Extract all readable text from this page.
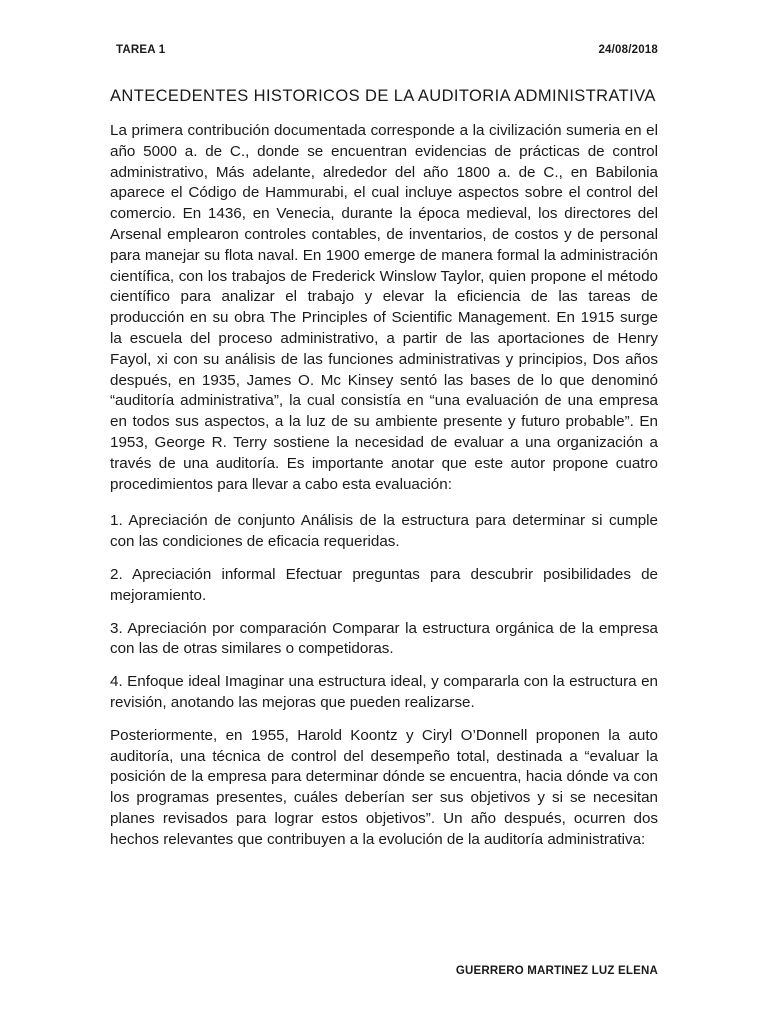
TAREA 1	24/08/2018
ANTECEDENTES HISTORICOS DE LA AUDITORIA ADMINISTRATIVA

La primera contribución documentada corresponde a la civilización sumeria en el año 5000 a. de C., donde se encuentran evidencias de prácticas de control administrativo, Más adelante, alrededor del año 1800 a. de C., en Babilonia aparece el Código de Hammurabi, el cual incluye aspectos sobre el control del comercio. En 1436, en Venecia, durante la época medieval, los directores del Arsenal emplearon controles contables, de inventarios, de costos y de personal para manejar su flota naval. En 1900 emerge de manera formal la administración científica, con los trabajos de Frederick Winslow Taylor, quien propone el método científico para analizar el trabajo y elevar la eficiencia de las tareas de producción en su obra The Principles of Scientific Management. En 1915 surge la escuela del proceso administrativo, a partir de las aportaciones de Henry Fayol, xi con su análisis de las funciones administrativas y principios, Dos años después, en 1935, James O. Mc Kinsey sentó las bases de lo que denominó “auditoría administrativa”, la cual consistía en “una evaluación de una empresa en todos sus aspectos, a la luz de su ambiente presente y futuro probable”. En 1953, George R. Terry sostiene la necesidad de evaluar a una organización a través de una auditoría. Es importante anotar que este autor propone cuatro procedimientos para llevar a cabo esta evaluación:

1. Apreciación de conjunto Análisis de la estructura para determinar si cumple con las condiciones de eficacia requeridas.

2. Apreciación informal Efectuar preguntas para descubrir posibilidades de mejoramiento.

3. Apreciación por comparación Comparar la estructura orgánica de la empresa con las de otras similares o competidoras.

4. Enfoque ideal Imaginar una estructura ideal, y compararla con la estructura en revisión, anotando las mejoras que pueden realizarse.

Posteriormente, en 1955, Harold Koontz y Ciryl O’Donnell proponen la auto auditoría, una técnica de control del desempeño total, destinada a “evaluar la posición de la empresa para determinar dónde se encuentra, hacia dónde va con los programas presentes, cuáles deberían ser sus objetivos y si se necesitan planes revisados para lograr estos objetivos”. Un año después, ocurren dos hechos relevantes que contribuyen a la evolución de la auditoría administrativa:

GUERRERO MARTINEZ LUZ ELENA
